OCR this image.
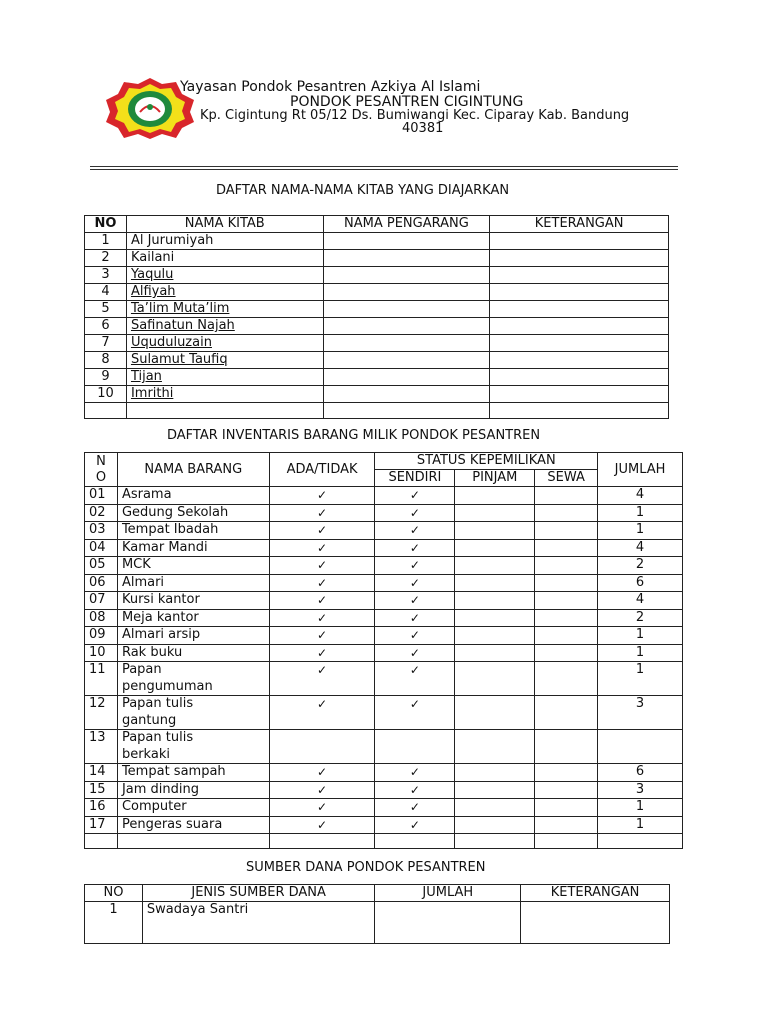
Yayasan Pondok Pesantren Azkiya Al Islami
PONDOK PESANTREN CIGINTUNG
Kp. Cigintung Rt 05/12 Ds. Bumiwangi Kec. Ciparay Kab. Bandung
40381
DAFTAR NAMA-NAMA KITAB YANG DIAJARKAN
NO	NAMA KITAB	NAMA PENGARANG	KETERANGAN
1	Al Jurumiyah		
2	Kailani		
3	Yaqulu		
4	Alfiyah		
5	Ta’lim Muta’lim		
6	Safinatun Najah		
7	Uquduluzain		
8	Sulamut Taufiq		
9	Tijan		
10	Imrithi		

DAFTAR INVENTARIS BARANG MILIK PONDOK PESANTREN
N
O	NAMA BARANG	ADA/TIDAK	STATUS KEPEMILIKAN			JUMLAH
			SENDIRI	PINJAM	SEWA	
01	Asrama	✓	✓			4
02	Gedung Sekolah	✓	✓			1
03	Tempat Ibadah	✓	✓			1
04	Kamar Mandi	✓	✓			4
05	MCK	✓	✓			2
06	Almari	✓	✓			6
07	Kursi kantor	✓	✓			4
08	Meja kantor	✓	✓			2
09	Almari arsip	✓	✓			1
10	Rak buku	✓	✓			1
11	Papan
pengumuman	✓	✓			1
12	Papan tulis
gantung	✓	✓			3
13	Papan tulis
berkaki					
14	Tempat sampah	✓	✓			6
15	Jam dinding	✓	✓			3
16	Computer	✓	✓			1
17	Pengeras suara	✓	✓			1

SUMBER DANA PONDOK PESANTREN
NO	JENIS SUMBER DANA	JUMLAH	KETERANGAN
1	Swadaya Santri		
